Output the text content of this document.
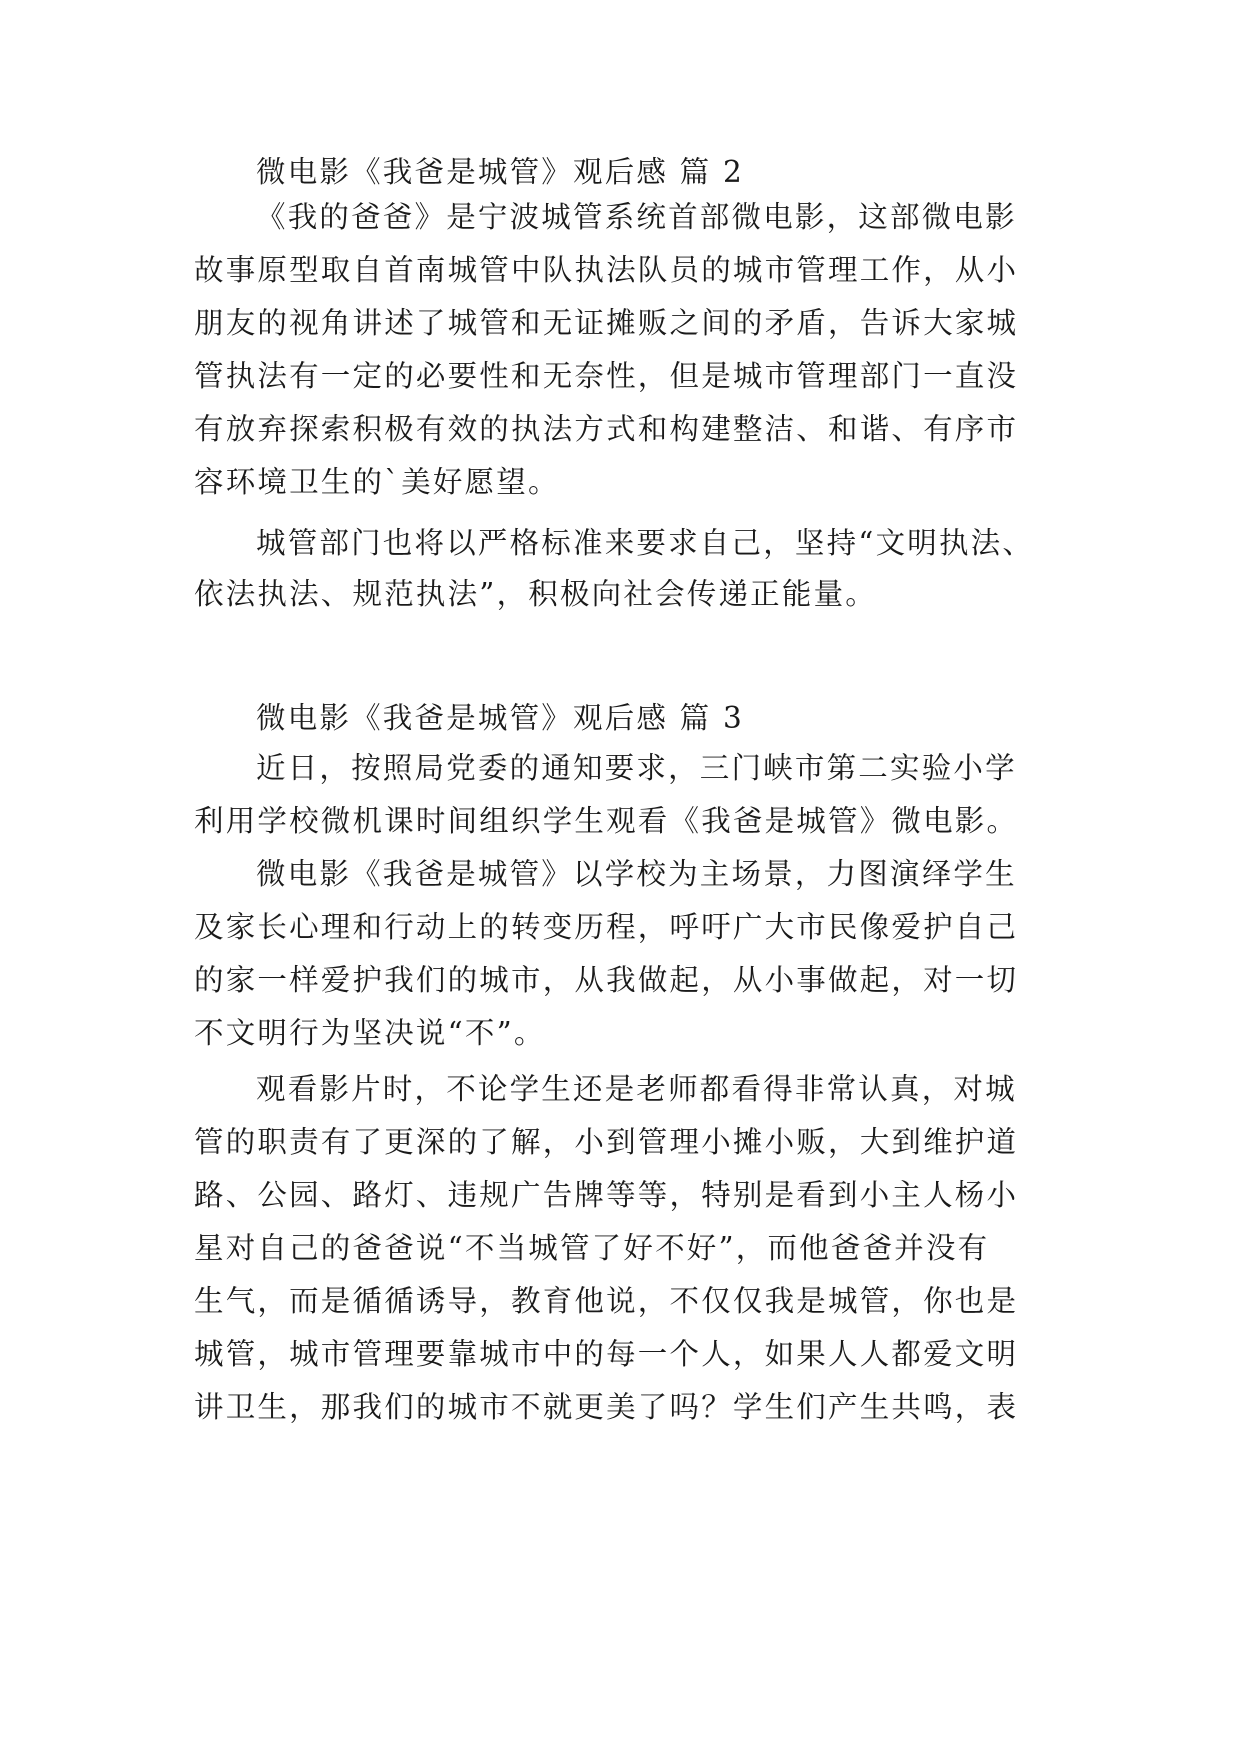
微电影《我爸是城管》观后感 篇 2
《我的爸爸》是宁波城管系统首部微电影，这部微电影
故事原型取自首南城管中队执法队员的城市管理工作，从小
朋友的视角讲述了城管和无证摊贩之间的矛盾，告诉大家城
管执法有一定的必要性和无奈性，但是城市管理部门一直没
有放弃探索积极有效的执法方式和构建整洁、和谐、有序市
容环境卫生的`美好愿望。
城管部门也将以严格标准来要求自己，坚持“文明执法、
依法执法、规范执法”，积极向社会传递正能量。
微电影《我爸是城管》观后感 篇 3
近日，按照局党委的通知要求，三门峡市第二实验小学
利用学校微机课时间组织学生观看《我爸是城管》微电影。
微电影《我爸是城管》以学校为主场景，力图演绎学生
及家长心理和行动上的转变历程，呼吁广大市民像爱护自己
的家一样爱护我们的城市，从我做起，从小事做起，对一切
不文明行为坚决说“不”。
观看影片时，不论学生还是老师都看得非常认真，对城
管的职责有了更深的了解，小到管理小摊小贩，大到维护道
路、公园、路灯、违规广告牌等等，特别是看到小主人杨小
星对自己的爸爸说“不当城管了好不好”，而他爸爸并没有
生气，而是循循诱导，教育他说，不仅仅我是城管，你也是
城管，城市管理要靠城市中的每一个人，如果人人都爱文明
讲卫生，那我们的城市不就更美了吗？学生们产生共鸣，表
